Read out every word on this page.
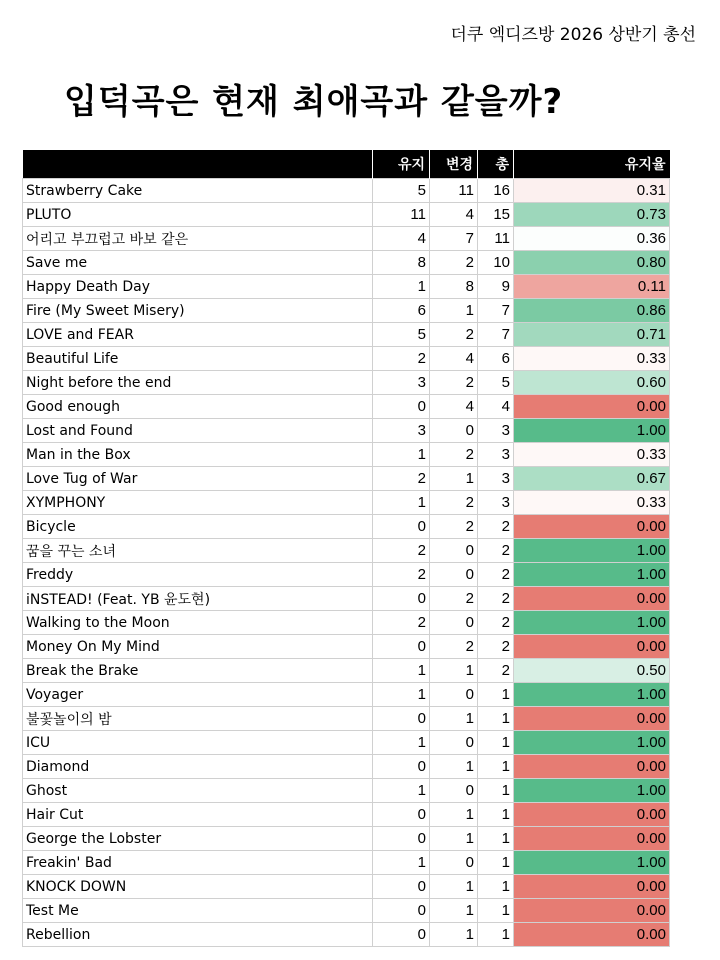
더쿠 엑디즈방 2026 상반기 총선
입덕곡은 현재 최애곡과 같을까?
	유지	변경	총	유지율
Strawberry Cake	5	11	16	0.31
PLUTO	11	4	15	0.73
어리고 부끄럽고 바보 같은	4	7	11	0.36
Save me	8	2	10	0.80
Happy Death Day	1	8	9	0.11
Fire (My Sweet Misery)	6	1	7	0.86
LOVE and FEAR	5	2	7	0.71
Beautiful Life	2	4	6	0.33
Night before the end	3	2	5	0.60
Good enough	0	4	4	0.00
Lost and Found	3	0	3	1.00
Man in the Box	1	2	3	0.33
Love Tug of War	2	1	3	0.67
XYMPHONY	1	2	3	0.33
Bicycle	0	2	2	0.00
꿈을 꾸는 소녀	2	0	2	1.00
Freddy	2	0	2	1.00
iNSTEAD! (Feat. YB 윤도현)	0	2	2	0.00
Walking to the Moon	2	0	2	1.00
Money On My Mind	0	2	2	0.00
Break the Brake	1	1	2	0.50
Voyager	1	0	1	1.00
불꽃놀이의 밤	0	1	1	0.00
ICU	1	0	1	1.00
Diamond	0	1	1	0.00
Ghost	1	0	1	1.00
Hair Cut	0	1	1	0.00
George the Lobster	0	1	1	0.00
Freakin' Bad	1	0	1	1.00
KNOCK DOWN	0	1	1	0.00
Test Me	0	1	1	0.00
Rebellion	0	1	1	0.00
